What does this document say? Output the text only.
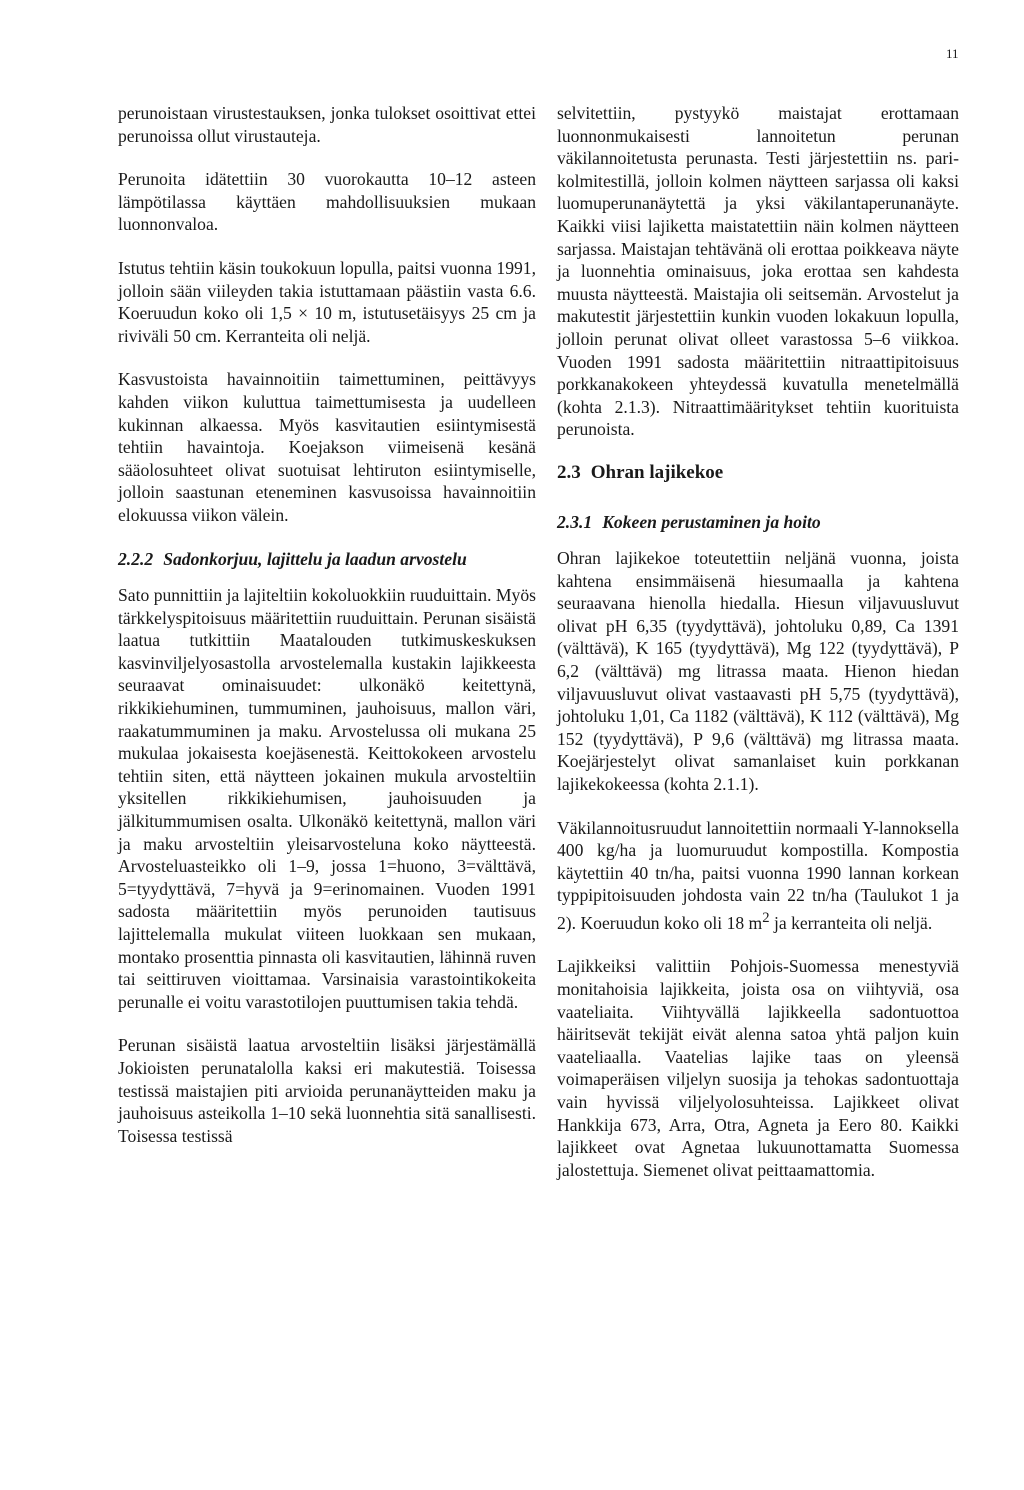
11

perunoistaan virustestauksen, jonka tulokset osoittivat ettei perunoissa ollut virustauteja.

Perunoita idätettiin 30 vuorokautta 10–12 asteen lämpötilassa käyttäen mahdollisuuksien mukaan luonnonvaloa.

Istutus tehtiin käsin toukokuun lopulla, paitsi vuonna 1991, jolloin sään viileyden takia istuttamaan päästiin vasta 6.6. Koeruudun koko oli 1,5 × 10 m, istutusetäisyys 25 cm ja riviväli 50 cm. Kerranteita oli neljä.

Kasvustoista havainnoitiin taimettuminen, peittävyys kahden viikon kuluttua taimettumisesta ja uudelleen kukinnan alkaessa. Myös kasvitautien esiintymisestä tehtiin havaintoja. Koejakson viimeisenä kesänä sääolosuhteet olivat suotuisat lehtiruton esiintymiselle, jolloin saastunan eteneminen kasvusoissa havainnoitiin elokuussa viikon välein.

2.2.2 Sadonkorjuu, lajittelu ja laadun arvostelu

Sato punnittiin ja lajiteltiin kokoluokkiin ruuduittain. Myös tärkkelyspitoisuus määritettiin ruuduittain. Perunan sisäistä laatua tutkittiin Maatalouden tutkimuskeskuksen kasvinviljelyosastolla arvostelemalla kustakin lajikkeesta seuraavat ominaisuudet: ulkonäkö keitettynä, rikkikiehuminen, tummuminen, jauhoisuus, mallon väri, raakatummuminen ja maku. Arvostelussa oli mukana 25 mukulaa jokaisesta koejäsenestä. Keittokokeen arvostelu tehtiin siten, että näytteen jokainen mukula arvosteltiin yksitellen rikkikiehumisen, jauhoisuuden ja jälkitummumisen osalta. Ulkonäkö keitettynä, mallon väri ja maku arvosteltiin yleisarvosteluna koko näytteestä. Arvosteluasteikko oli 1–9, jossa 1=huono, 3=välttävä, 5=tyydyttävä, 7=hyvä ja 9=erinomainen. Vuoden 1991 sadosta määritettiin myös perunoiden tautisuus lajittelemalla mukulat viiteen luokkaan sen mukaan, montako prosenttia pinnasta oli kasvitautien, lähinnä ruven tai seittiruven vioittamaa. Varsinaisia varastointikokeita perunalle ei voitu varastotilojen puuttumisen takia tehdä.

Perunan sisäistä laatua arvosteltiin lisäksi järjestämällä Jokioisten perunatalolla kaksi eri makutestiä. Toisessa testissä maistajien piti arvioida perunanäytteiden maku ja jauhoisuus asteikolla 1–10 sekä luonnehtia sitä sanallisesti. Toisessa testissä

selvitettiin, pystyykö maistajat erottamaan luonnonmukaisesti lannoitetun perunan väkilannoitetusta perunasta. Testi järjestettiin ns. pari-kolmitestillä, jolloin kolmen näytteen sarjassa oli kaksi luomuperunanäytettä ja yksi väkilantaperunanäyte. Kaikki viisi lajiketta maistatettiin näin kolmen näytteen sarjassa. Maistajan tehtävänä oli erottaa poikkeava näyte ja luonnehtia ominaisuus, joka erottaa sen kahdesta muusta näytteestä. Maistajia oli seitsemän. Arvostelut ja makutestit järjestettiin kunkin vuoden lokakuun lopulla, jolloin perunat olivat olleet varastossa 5–6 viikkoa. Vuoden 1991 sadosta määritettiin nitraattipitoisuus porkkanakokeen yhteydessä kuvatulla menetelmällä (kohta 2.1.3). Nitraattimääritykset tehtiin kuorituista perunoista.

2.3 Ohran lajikekoe
2.3.1 Kokeen perustaminen ja hoito

Ohran lajikekoe toteutettiin neljänä vuonna, joista kahtena ensimmäisenä hiesumaalla ja kahtena seuraavana hienolla hiedalla. Hiesun viljavuusluvut olivat pH 6,35 (tyydyttävä), johtoluku 0,89, Ca 1391 (välttävä), K 165 (tyydyttävä), Mg 122 (tyydyttävä), P 6,2 (välttävä) mg litrassa maata. Hienon hiedan viljavuusluvut olivat vastaavasti pH 5,75 (tyydyttävä), johtoluku 1,01, Ca 1182 (välttävä), K 112 (välttävä), Mg 152 (tyydyttävä), P 9,6 (välttävä) mg litrassa maata. Koejärjestelyt olivat samanlaiset kuin porkkanan lajikekokeessa (kohta 2.1.1).

Väkilannoitusruudut lannoitettiin normaali Y-lannoksella 400 kg/ha ja luomuruudut kompostilla. Kompostia käytettiin 40 tn/ha, paitsi vuonna 1990 lannan korkean typpipitoisuuden johdosta vain 22 tn/ha (Taulukot 1 ja 2). Koeruudun koko oli 18 $m^2$ ja kerranteita oli neljä.

Lajikkeiksi valittiin Pohjois-Suomessa menestyviä monitahoisia lajikkeita, joista osa on viihtyviä, osa vaateliaita. Viihtyvällä lajikkeella sadontuottoa häiritsevät tekijät eivät alenna satoa yhtä paljon kuin vaateliaalla. Vaatelias lajike taas on yleensä voimaperäisen viljelyn suosija ja tehokas sadontuottaja vain hyvissä viljelyolosuhteissa. Lajikkeet olivat Hankkija 673, Arra, Otra, Agneta ja Eero 80. Kaikki lajikkeet ovat Agnetaa lukuunottamatta Suomessa jalostettuja. Siemenet olivat peittaamattomia.
